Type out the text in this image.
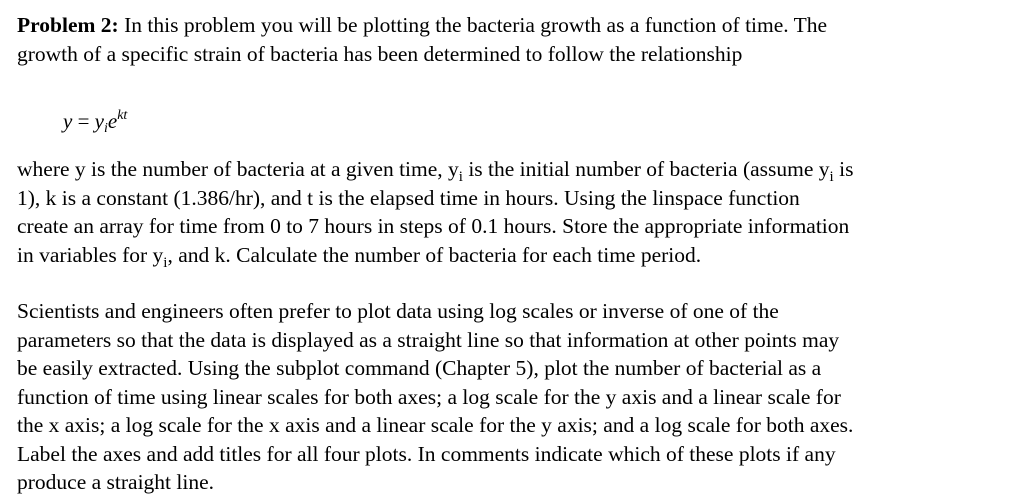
Problem 2: In this problem you will be plotting the bacteria growth as a function of time. The
growth of a specific strain of bacteria has been determined to follow the relationship
y = yie$^{kt}$
where y is the number of bacteria at a given time, $y_i$ is the initial number of bacteria (assume $y_i$ is
1), k is a constant (1.386/hr), and t is the elapsed time in hours. Using the linspace function
create an array for time from 0 to 7 hours in steps of 0.1 hours. Store the appropriate information
in variables for $y_i$, and k. Calculate the number of bacteria for each time period.
Scientists and engineers often prefer to plot data using log scales or inverse of one of the
parameters so that the data is displayed as a straight line so that information at other points may
be easily extracted. Using the subplot command (Chapter 5), plot the number of bacterial as a
function of time using linear scales for both axes; a log scale for the y axis and a linear scale for
the x axis; a log scale for the x axis and a linear scale for the y axis; and a log scale for both axes.
Label the axes and add titles for all four plots. In comments indicate which of these plots if any
produce a straight line.
